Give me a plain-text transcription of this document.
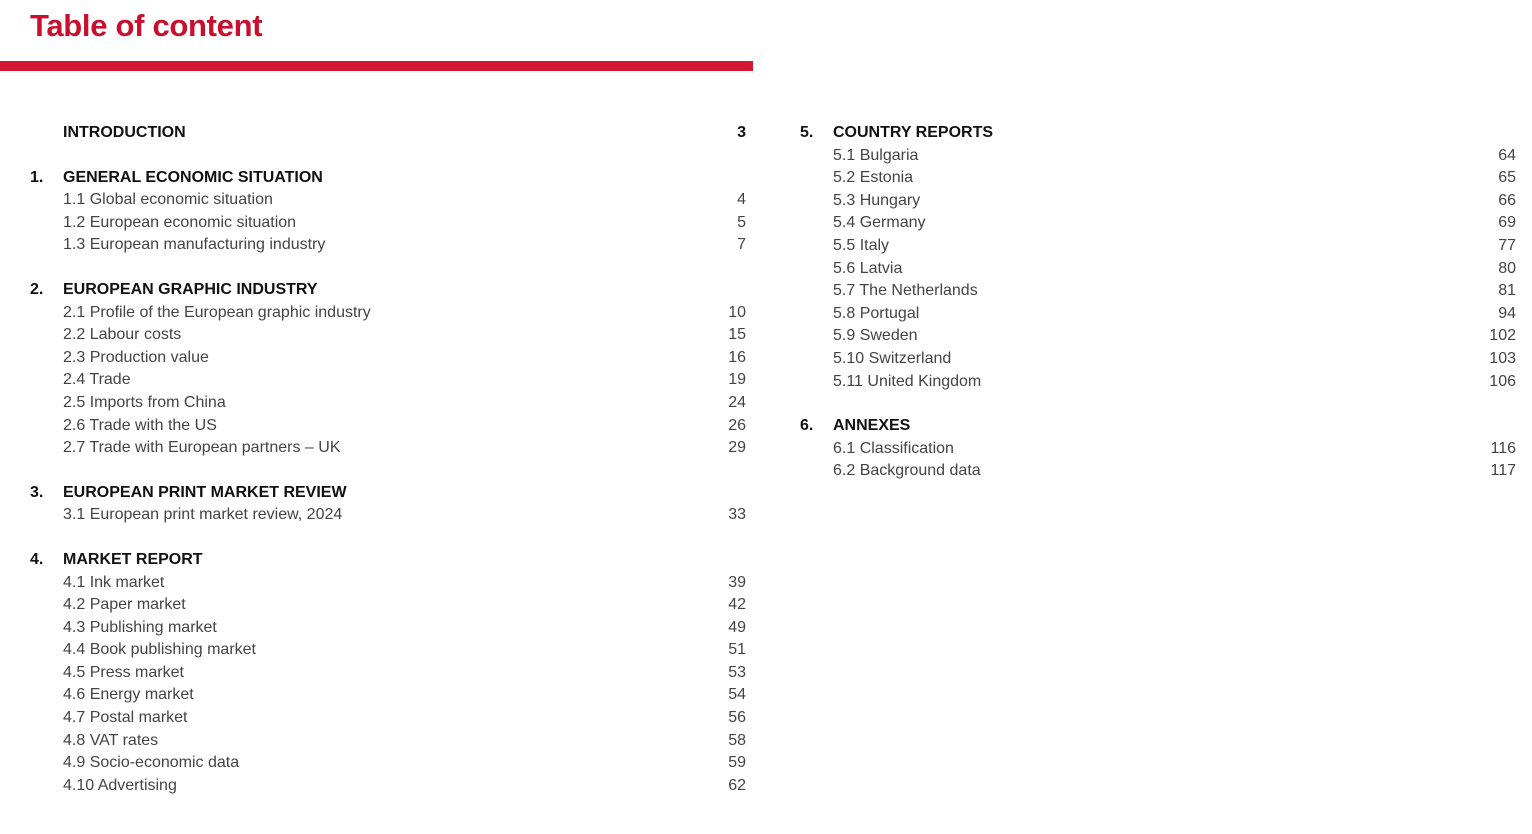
Table of content
INTRODUCTION	3
1.	GENERAL ECONOMIC SITUATION
1.1 Global economic situation	4
1.2 European economic situation	5
1.3 European manufacturing industry	7
2.	EUROPEAN GRAPHIC INDUSTRY
2.1 Profile of the European graphic industry	10
2.2 Labour costs	15
2.3 Production value	16
2.4 Trade	19
2.5 Imports from China	24
2.6 Trade with the US	26
2.7 Trade with European partners – UK	29
3.	EUROPEAN PRINT MARKET REVIEW
3.1 European print market review, 2024	33
4.	MARKET REPORT
4.1 Ink market	39
4.2 Paper market	42
4.3 Publishing market	49
4.4 Book publishing market	51
4.5 Press market	53
4.6 Energy market	54
4.7 Postal market	56
4.8 VAT rates	58
4.9 Socio-economic data	59
4.10 Advertising	62
5.	COUNTRY REPORTS
5.1 Bulgaria	64
5.2 Estonia	65
5.3 Hungary	66
5.4 Germany	69
5.5 Italy	77
5.6 Latvia	80
5.7 The Netherlands	81
5.8 Portugal	94
5.9 Sweden	102
5.10 Switzerland	103
5.11 United Kingdom	106
6.	ANNEXES
6.1 Classification	116
6.2 Background data	117
